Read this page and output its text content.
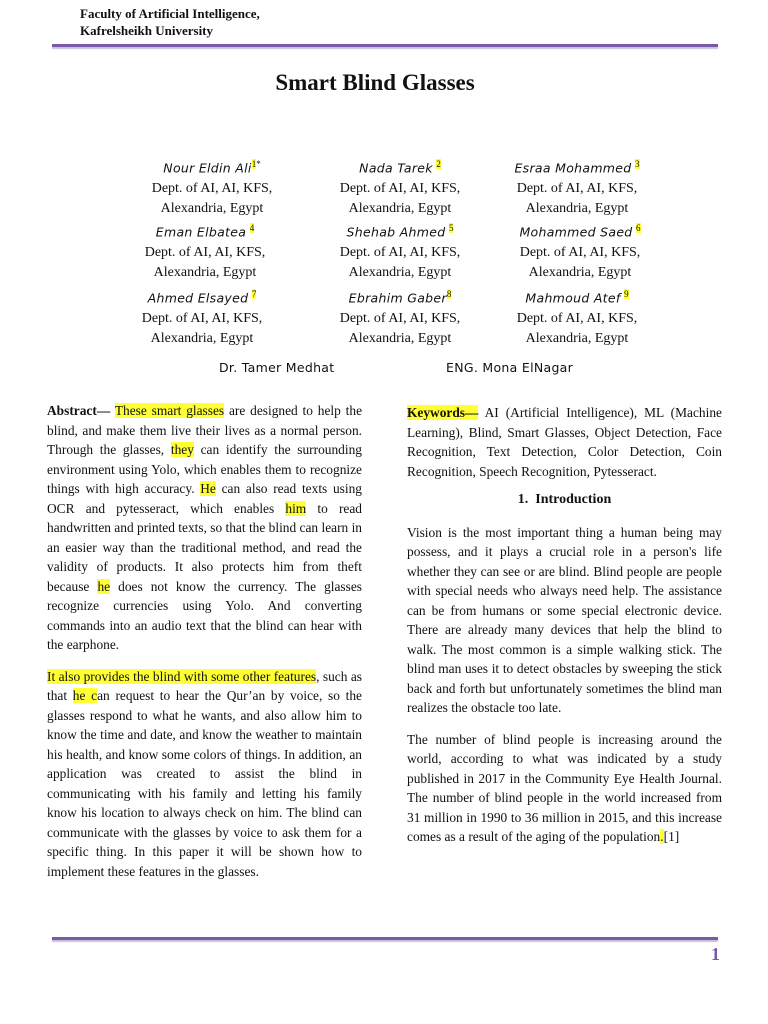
Faculty of Artificial Intelligence,
Kafrelsheikh University
Smart Blind Glasses
Nour Eldin Ali$^{1*}$
Dept. of AI, AI, KFS,
Alexandria, Egypt
Nada Tarek $^2$
Dept. of AI, AI, KFS,
Alexandria, Egypt
Esraa Mohammed $^3$
Dept. of AI, AI, KFS,
Alexandria, Egypt
Eman Elbatea $^4$
Dept. of AI, AI, KFS,
Alexandria, Egypt
Shehab Ahmed $^5$
Dept. of AI, AI, KFS,
Alexandria, Egypt
Mohammed Saed $^6$
Dept. of AI, AI, KFS,
Alexandria, Egypt
Ahmed Elsayed $^7$
Dept. of AI, AI, KFS,
Alexandria, Egypt
Ebrahim Gaber$^8$
Dept. of AI, AI, KFS,
Alexandria, Egypt
Mahmoud Atef $^9$
Dept. of AI, AI, KFS,
Alexandria, Egypt
Dr. Tamer Medhat	ENG. Mona ElNagar

Abstract— These smart glasses are designed to help the blind, and make them live their lives as a normal person. Through the glasses, they can identify the surrounding environment using Yolo, which enables them to recognize things with high accuracy. He can also read texts using OCR and pytesseract, which enables him to read handwritten and printed texts, so that the blind can learn in an easier way than the traditional method, and read the validity of products. It also protects him from theft because he does not know the currency. The glasses recognize currencies using Yolo. And converting commands into an audio text that the blind can hear with the earphone.

It also provides the blind with some other features, such as that he can request to hear the Qur’an by voice, so the glasses respond to what he wants, and also allow him to know the time and date, and know the weather to maintain his health, and know some colors of things. In addition, an application was created to assist the blind in communicating with his family and letting his family know his location to always check on him. The blind can communicate with the glasses by voice to ask them for a specific thing. In this paper it will be shown how to implement these features in the glasses.

Keywords— AI (Artificial Intelligence), ML (Machine Learning), Blind, Smart Glasses, Object Detection, Face Recognition, Text Detection, Color Detection, Coin Recognition, Speech Recognition, Pytesseract.

1.  Introduction

Vision is the most important thing a human being may possess, and it plays a crucial role in a person's life whether they can see or are blind. Blind people are people with special needs who always need help. The assistance can be from humans or some special electronic device. There are already many devices that help the blind to walk. The most common is a simple walking stick. The blind man uses it to detect obstacles by sweeping the stick back and forth but unfortunately sometimes the blind man realizes the obstacle too late.

The number of blind people is increasing around the world, according to what was indicated by a study published in 2017 in the Community Eye Health Journal. The number of blind people in the world increased from 31 million in 1990 to 36 million in 2015, and this increase comes as a result of the aging of the population.[1]

1
